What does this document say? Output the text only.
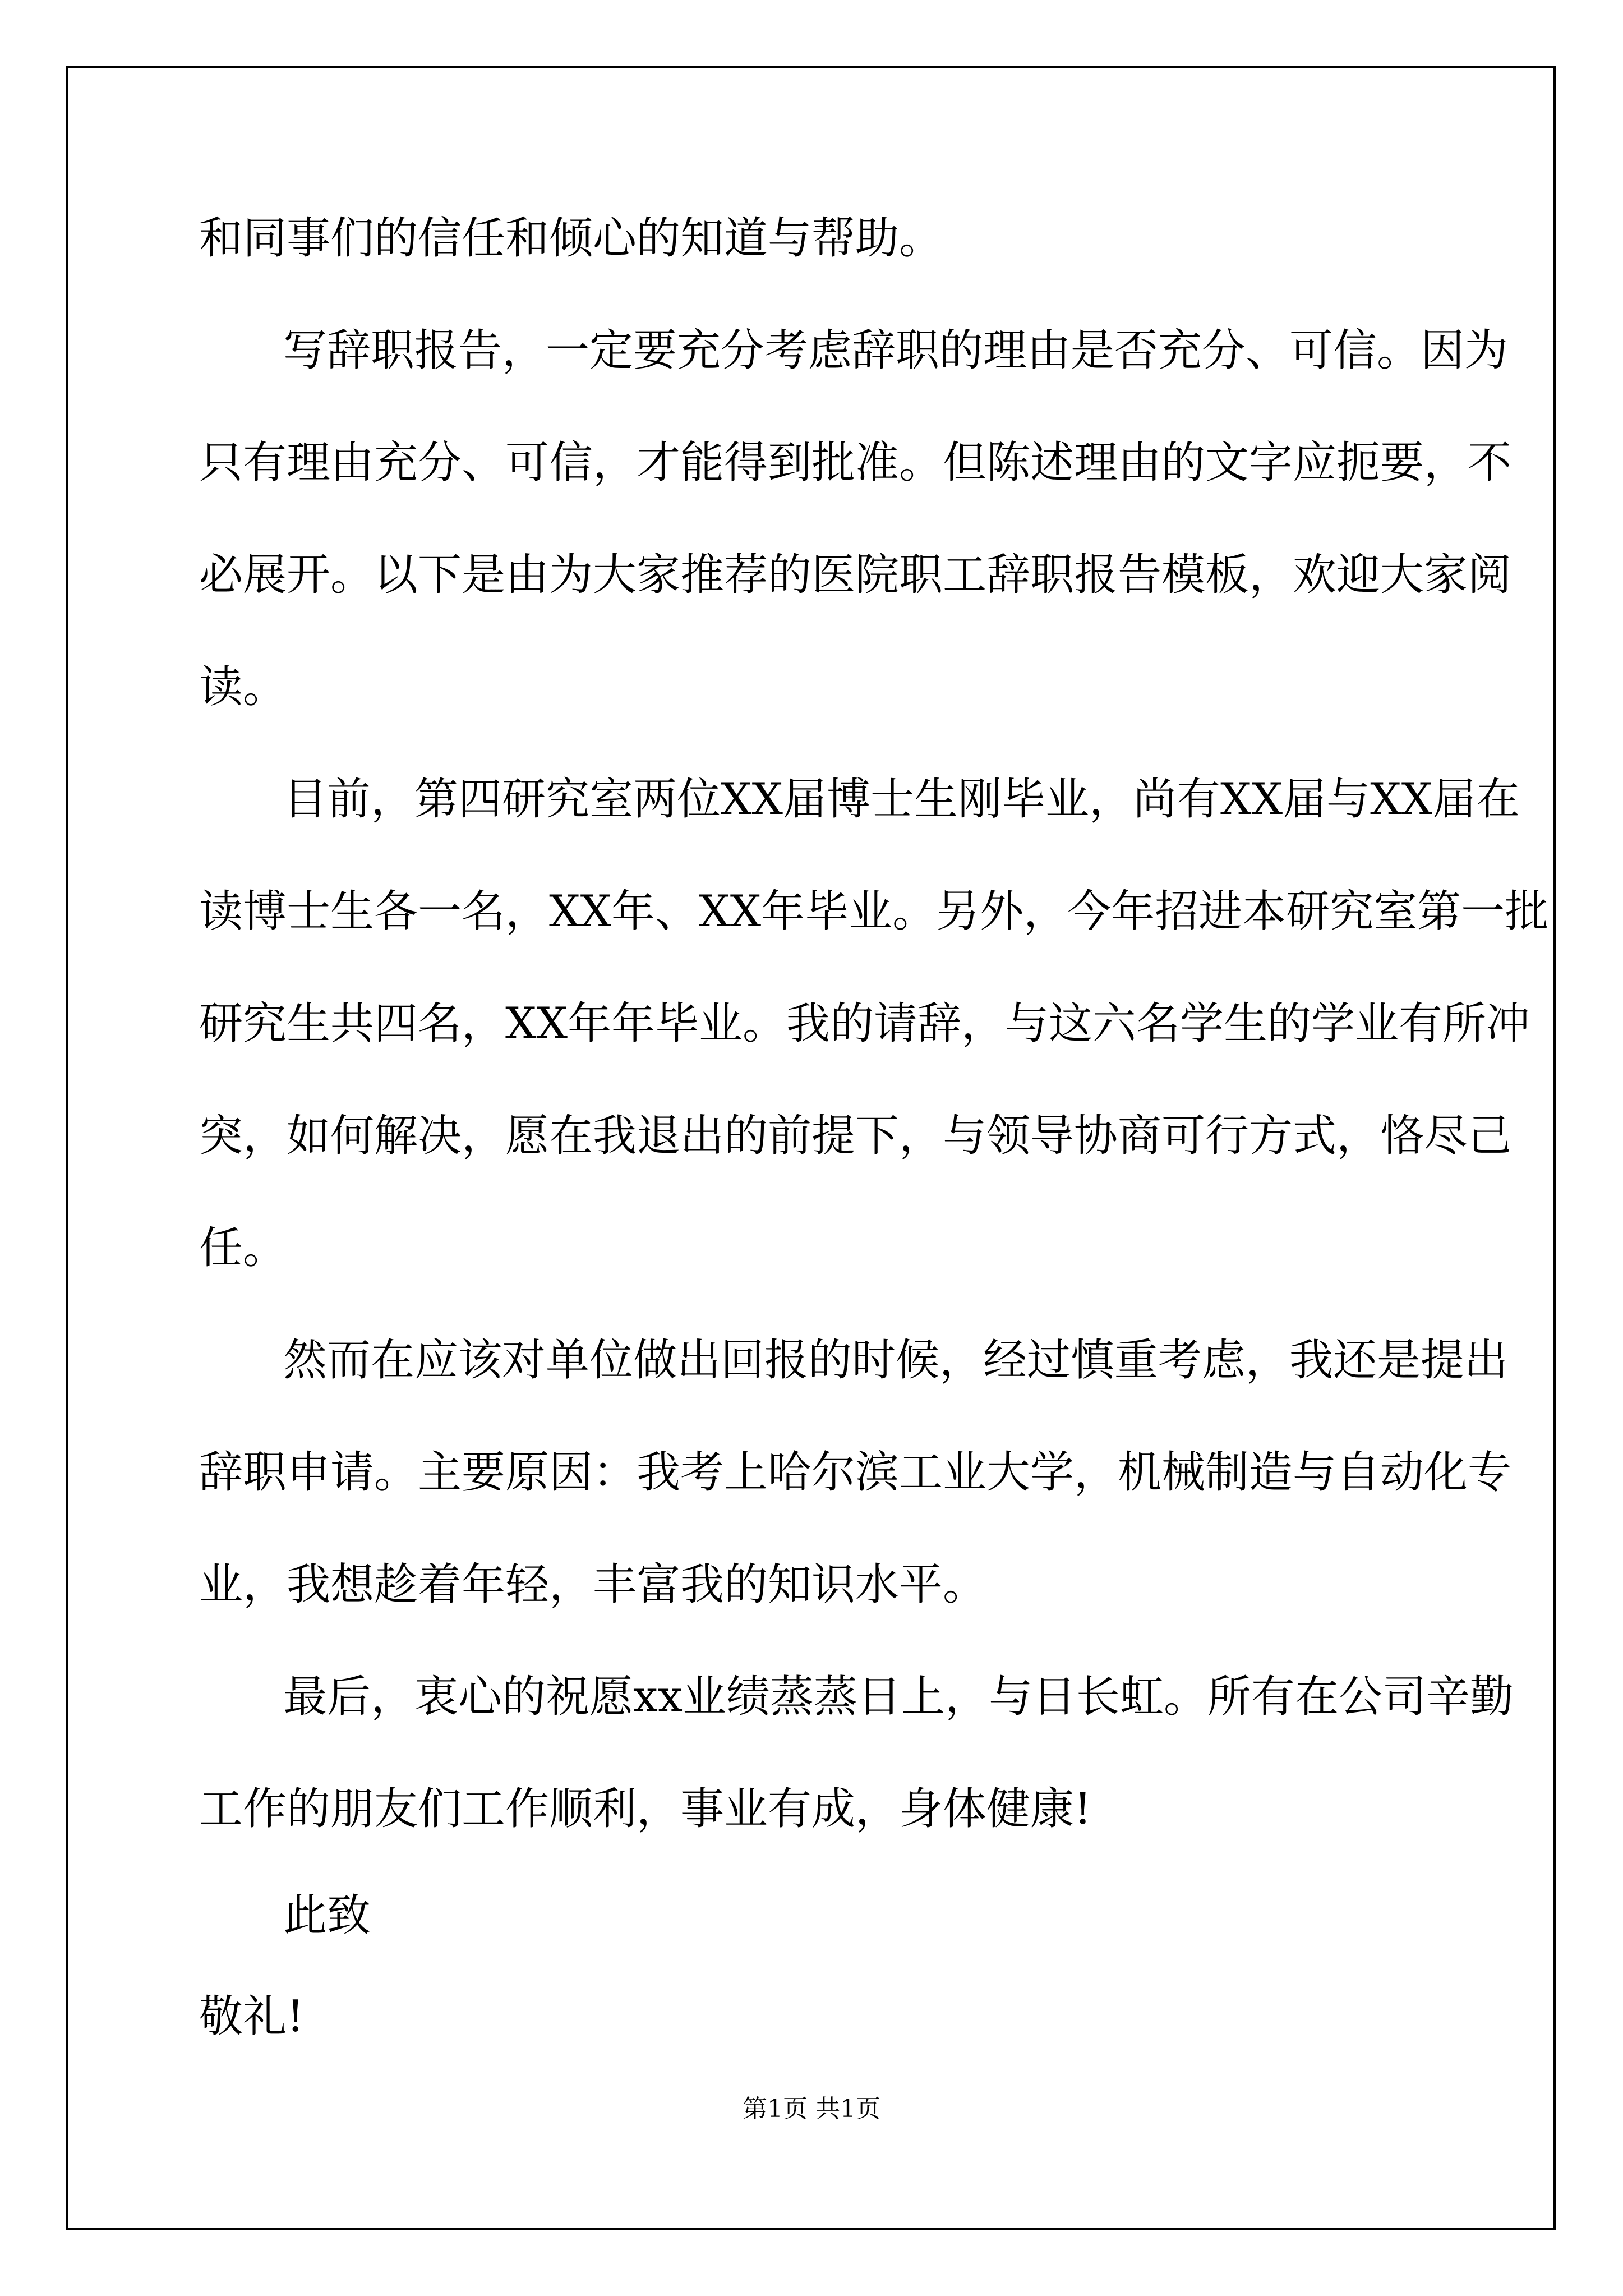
和同事们的信任和倾心的知道与帮助。
写辞职报告，一定要充分考虑辞职的理由是否充分、可信。因为
只有理由充分、可信，才能得到批准。但陈述理由的文字应扼要，不
必展开。以下是由为大家推荐的医院职工辞职报告模板，欢迎大家阅
读。
目前，第四研究室两位XX届博士生刚毕业，尚有XX届与XX届在
读博士生各一名，XX年、XX年毕业。另外，今年招进本研究室第一批
研究生共四名，XX年年毕业。我的请辞，与这六名学生的学业有所冲
突，如何解决，愿在我退出的前提下，与领导协商可行方式，恪尽己
任。
然而在应该对单位做出回报的时候，经过慎重考虑，我还是提出
辞职申请。主要原因：我考上哈尔滨工业大学，机械制造与自动化专
业，我想趁着年轻，丰富我的知识水平。
最后，衷心的祝愿xx业绩蒸蒸日上，与日长虹。所有在公司辛勤
工作的朋友们工作顺利，事业有成，身体健康!
此致
敬礼!
第1页 共1页
